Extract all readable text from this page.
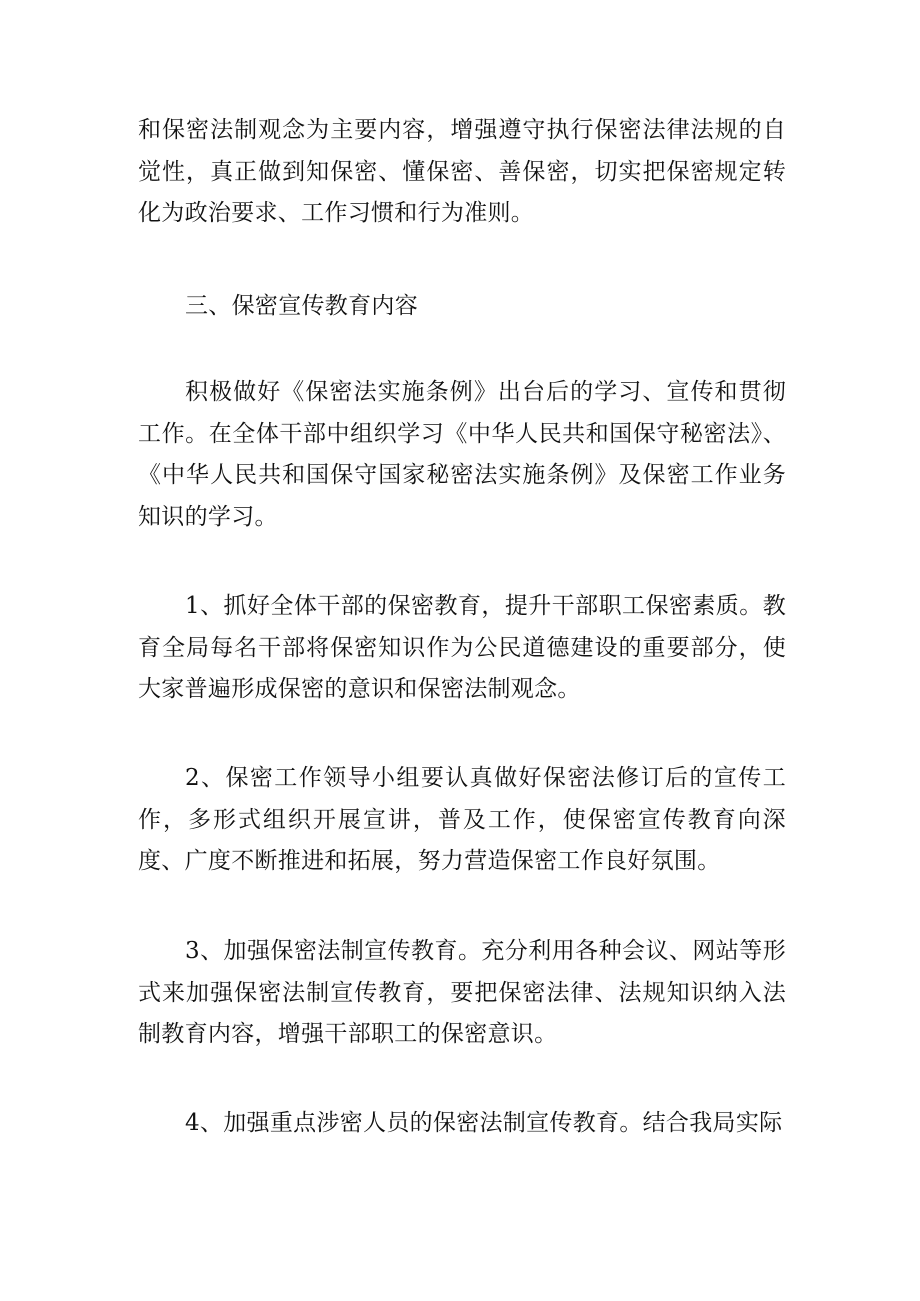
和保密法制观念为主要内容，增强遵守执行保密法律法规的自觉性，真正做到知保密、懂保密、善保密，切实把保密规定转化为政治要求、工作习惯和行为准则。

三、保密宣传教育内容

积极做好《保密法实施条例》出台后的学习、宣传和贯彻工作。在全体干部中组织学习《中华人民共和国保守秘密法》、《中华人民共和国保守国家秘密法实施条例》及保密工作业务知识的学习。

1、抓好全体干部的保密教育，提升干部职工保密素质。教育全局每名干部将保密知识作为公民道德建设的重要部分，使大家普遍形成保密的意识和保密法制观念。

2、保密工作领导小组要认真做好保密法修订后的宣传工作，多形式组织开展宣讲，普及工作，使保密宣传教育向深度、广度不断推进和拓展，努力营造保密工作良好氛围。

3、加强保密法制宣传教育。充分利用各种会议、网站等形式来加强保密法制宣传教育，要把保密法律、法规知识纳入法制教育内容，增强干部职工的保密意识。

4、加强重点涉密人员的保密法制宣传教育。结合我局实际
